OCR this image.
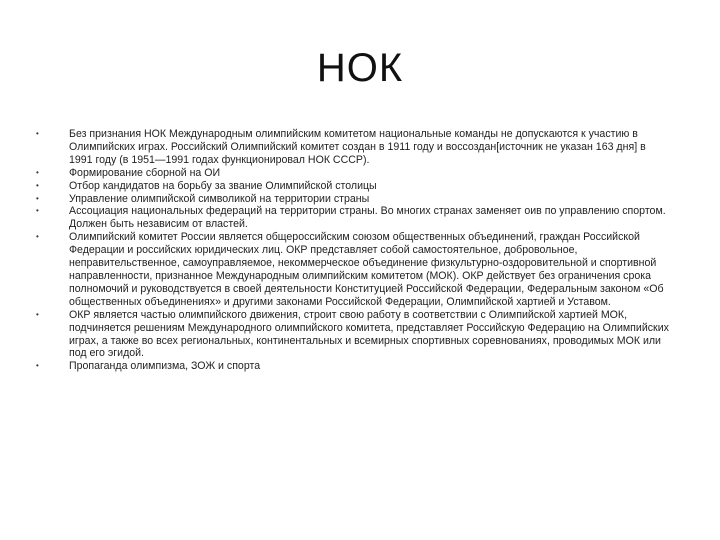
НОК
•	Без признания НОК Международным олимпийским комитетом национальные команды не допускаются к участию в Олимпийских играх. Российский Олимпийский комитет создан в 1911 году и воссоздан[источник не указан 163 дня] в 1991 году (в 1951—1991 годах функционировал НОК СССР).
•	Формирование сборной на ОИ
•	Отбор кандидатов на борьбу за звание Олимпийской столицы
•	Управление олимпийской символикой на территории страны
•	Ассоциация национальных федераций на территории страны. Во многих странах заменяет оив по управлению спортом. Должен быть независим от властей.
•	Олимпийский комитет России является общероссийским союзом общественных объединений, граждан Российской Федерации и российских юридических лиц. ОКР представляет собой самостоятельное, добровольное, неправительственное, самоуправляемое, некоммерческое объединение физкультурно-оздоровительной и спортивной направленности, признанное Международным олимпийским комитетом (МОК). ОКР действует без ограничения срока полномочий и руководствуется в своей деятельности Конституцией Российской Федерации, Федеральным законом «Об общественных объединениях» и другими законами Российской Федерации, Олимпийской хартией и Уставом.
•	ОКР является частью олимпийского движения, строит свою работу в соответствии с Олимпийской хартией МОК, подчиняется решениям Международного олимпийского комитета, представляет Российскую Федерацию на Олимпийских играх, а также во всех региональных, континентальных и всемирных спортивных соревнованиях, проводимых МОК или под его эгидой.
•	Пропаганда олимпизма, ЗОЖ и спорта
